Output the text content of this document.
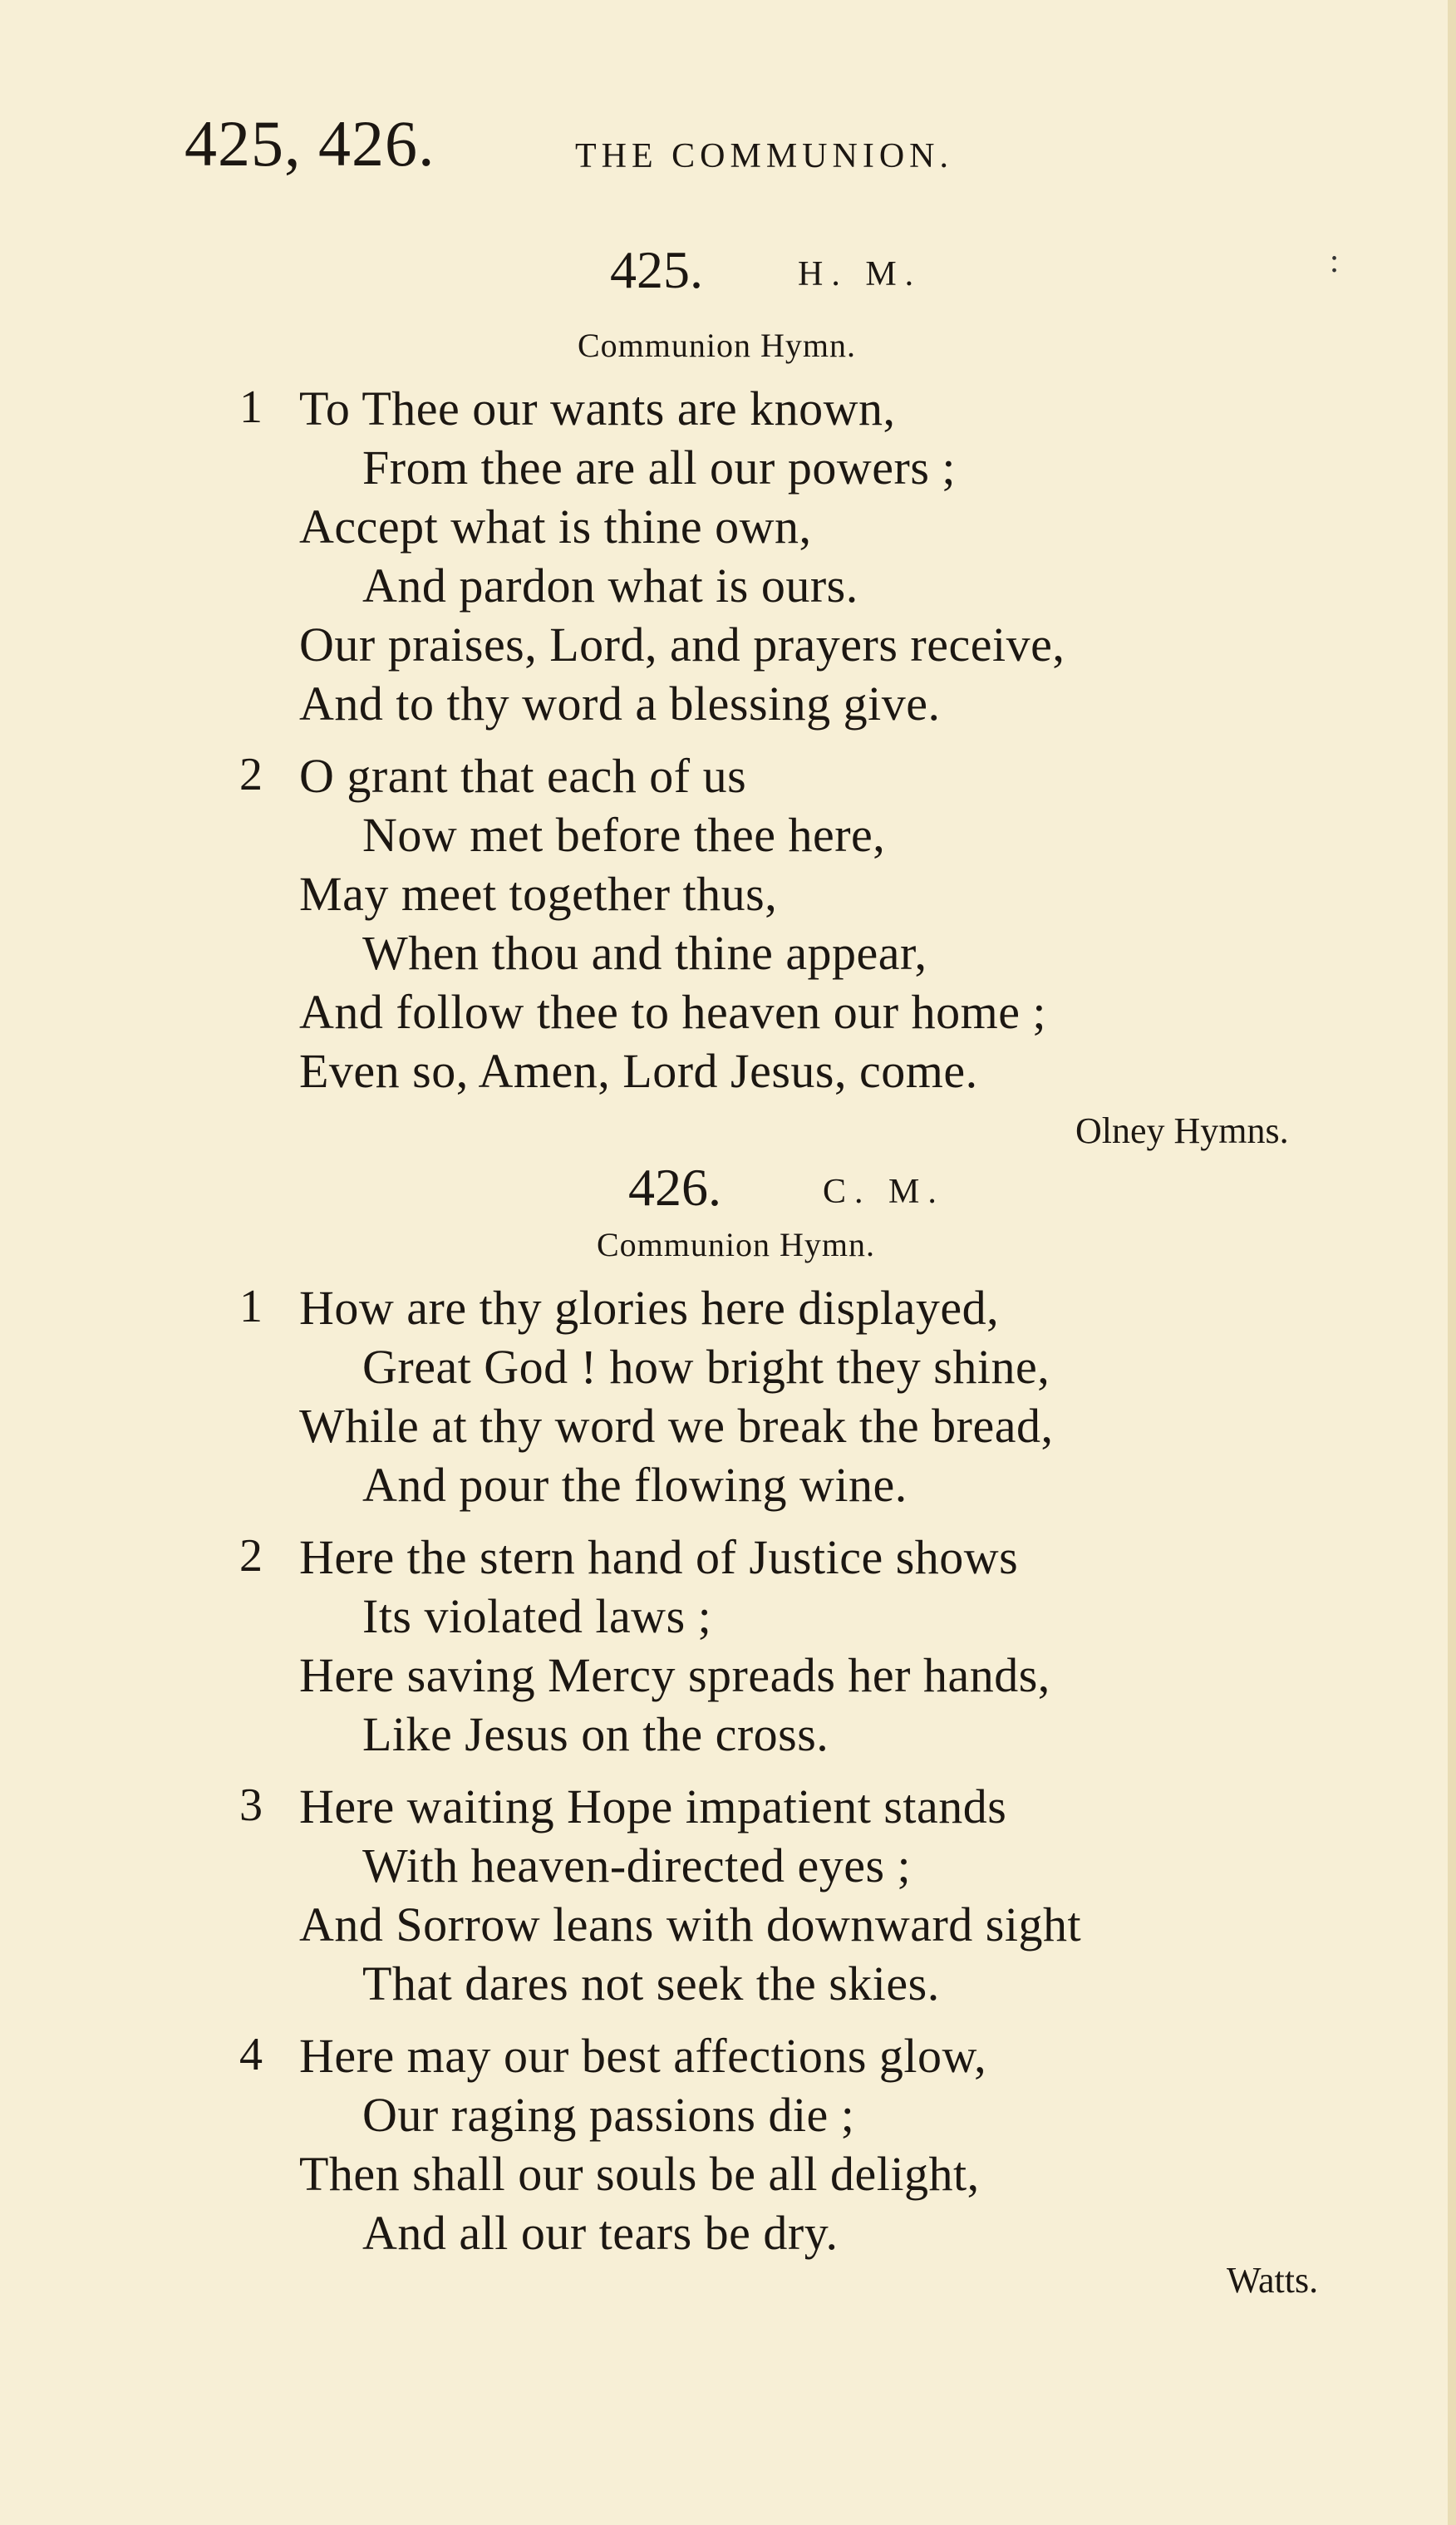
425, 426.	THE COMMUNION.
425.	H. M.	:
Communion Hymn.
1 To Thee our wants are known,
From thee are all our powers ;
Accept what is thine own,
And pardon what is ours.
Our praises, Lord, and prayers receive,
And to thy word a blessing give.
2 O grant that each of us
Now met before thee here,
May meet together thus,
When thou and thine appear,
And follow thee to heaven our home ;
Even so, Amen, Lord Jesus, come.
Olney Hymns.
426.	C. M.
Communion Hymn.
1 How are thy glories here displayed,
Great God ! how bright they shine,
While at thy word we break the bread,
And pour the flowing wine.
2 Here the stern hand of Justice shows
Its violated laws ;
Here saving Mercy spreads her hands,
Like Jesus on the cross.
3 Here waiting Hope impatient stands
With heaven-directed eyes ;
And Sorrow leans with downward sight
That dares not seek the skies.
4 Here may our best affections glow,
Our raging passions die ;
Then shall our souls be all delight,
And all our tears be dry.
Watts.
